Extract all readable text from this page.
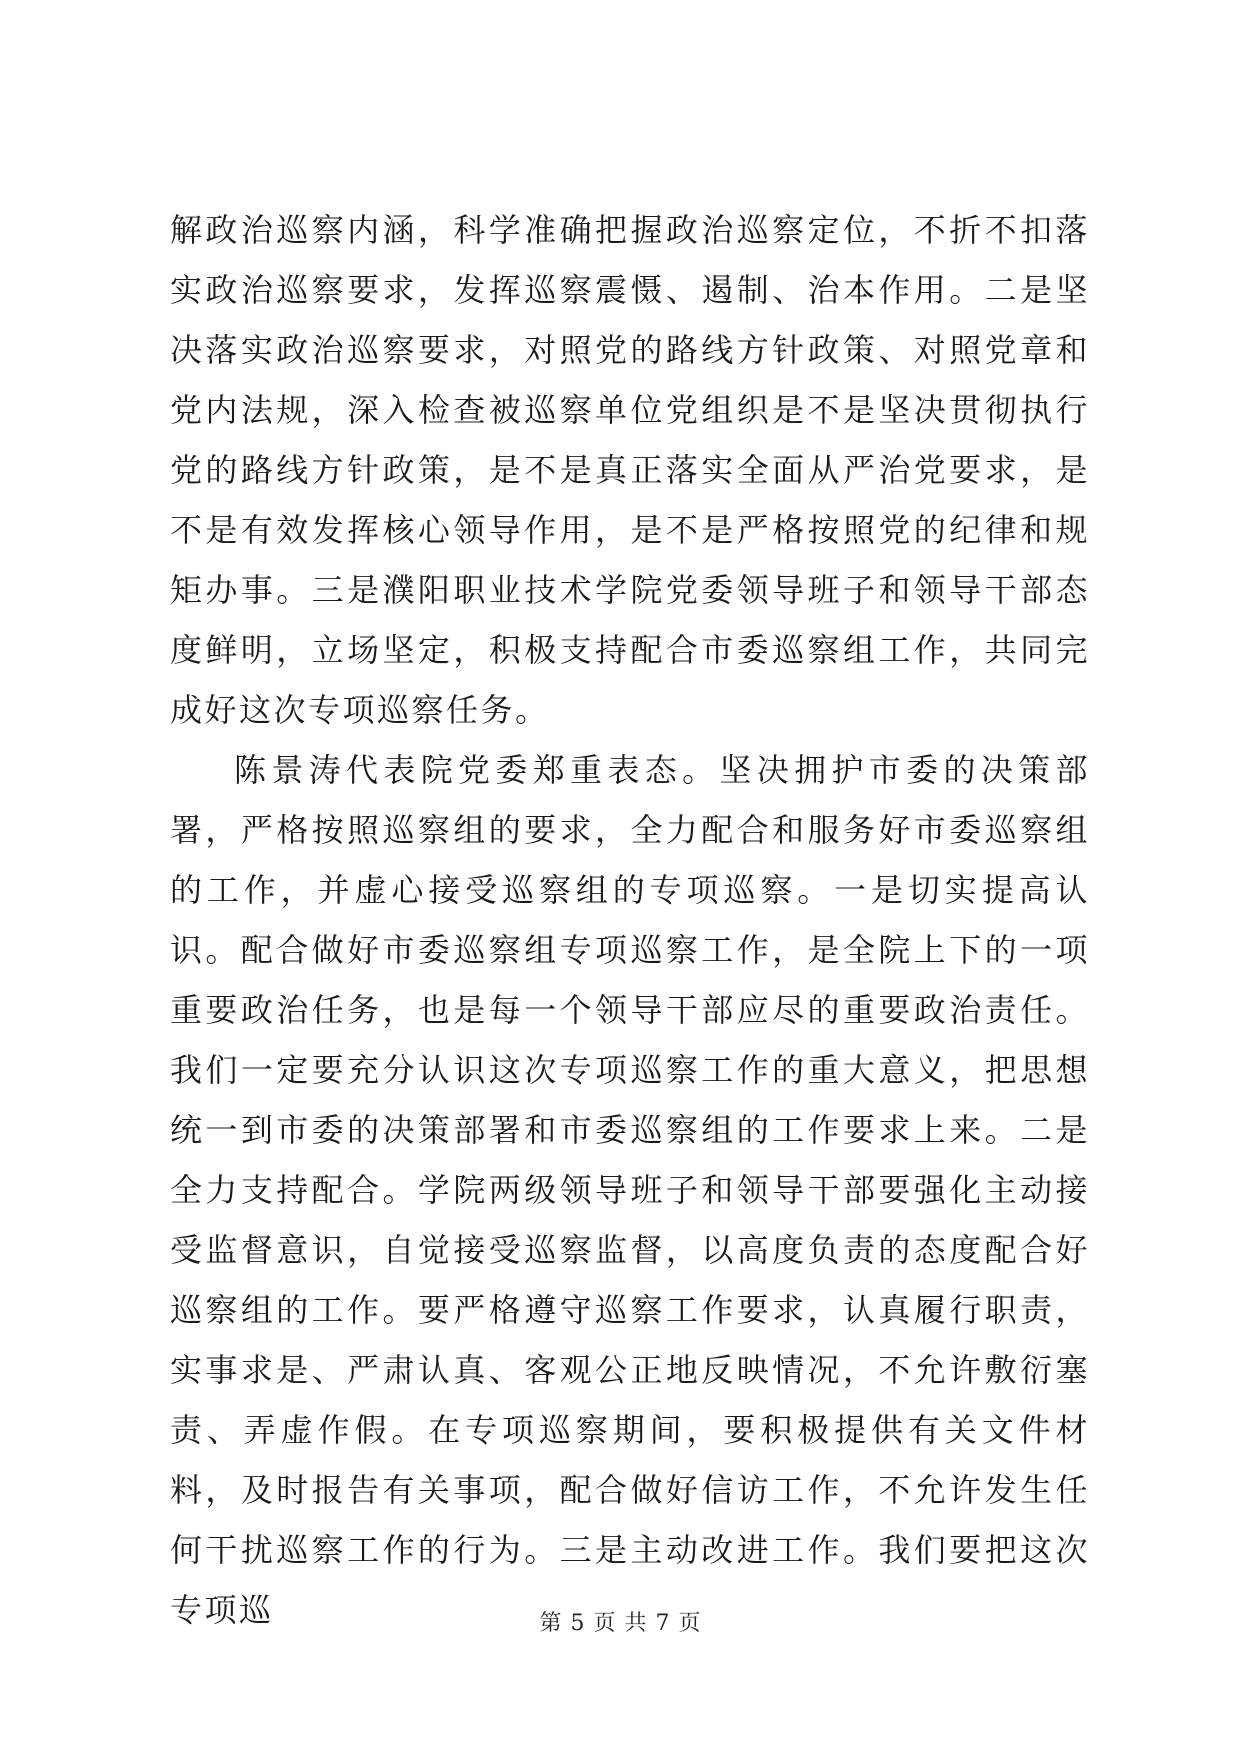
解政治巡察内涵，科学准确把握政治巡察定位，不折不扣落实政治巡察要求，发挥巡察震慑、遏制、治本作用。二是坚决落实政治巡察要求，对照党的路线方针政策、对照党章和党内法规，深入检查被巡察单位党组织是不是坚决贯彻执行党的路线方针政策，是不是真正落实全面从严治党要求，是不是有效发挥核心领导作用，是不是严格按照党的纪律和规矩办事。三是濮阳职业技术学院党委领导班子和领导干部态度鲜明，立场坚定，积极支持配合市委巡察组工作，共同完成好这次专项巡察任务。

陈景涛代表院党委郑重表态。坚决拥护市委的决策部署，严格按照巡察组的要求，全力配合和服务好市委巡察组的工作，并虚心接受巡察组的专项巡察。一是切实提高认识。配合做好市委巡察组专项巡察工作，是全院上下的一项重要政治任务，也是每一个领导干部应尽的重要政治责任。我们一定要充分认识这次专项巡察工作的重大意义，把思想统一到市委的决策部署和市委巡察组的工作要求上来。二是全力支持配合。学院两级领导班子和领导干部要强化主动接受监督意识，自觉接受巡察监督，以高度负责的态度配合好巡察组的工作。要严格遵守巡察工作要求，认真履行职责，实事求是、严肃认真、客观公正地反映情况，不允许敷衍塞责、弄虚作假。在专项巡察期间，要积极提供有关文件材料，及时报告有关事项，配合做好信访工作，不允许发生任何干扰巡察工作的行为。三是主动改进工作。我们要把这次专项巡	第 5 页 共 7 页
